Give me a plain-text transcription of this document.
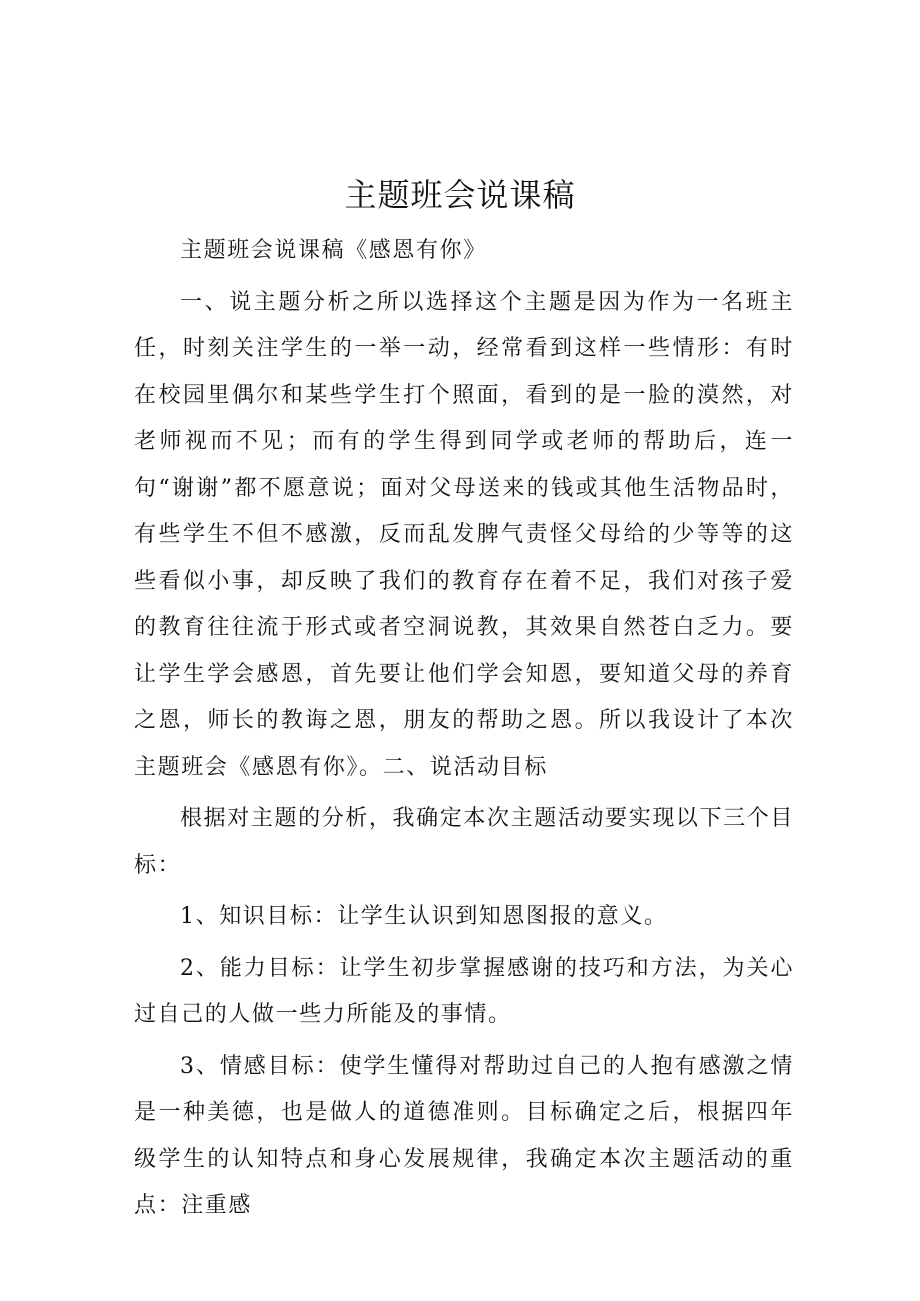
主题班会说课稿

主题班会说课稿《感恩有你》

一、说主题分析之所以选择这个主题是因为作为一名班主任，时刻关注学生的一举一动，经常看到这样一些情形：有时在校园里偶尔和某些学生打个照面，看到的是一脸的漠然，对老师视而不见；而有的学生得到同学或老师的帮助后，连一句“谢谢”都不愿意说；面对父母送来的钱或其他生活物品时，有些学生不但不感激，反而乱发脾气责怪父母给的少等等的这些看似小事，却反映了我们的教育存在着不足，我们对孩子爱的教育往往流于形式或者空洞说教，其效果自然苍白乏力。要让学生学会感恩，首先要让他们学会知恩，要知道父母的养育之恩，师长的教诲之恩，朋友的帮助之恩。所以我设计了本次主题班会《感恩有你》。二、说活动目标

根据对主题的分析，我确定本次主题活动要实现以下三个目标：

1、知识目标：让学生认识到知恩图报的意义。

2、能力目标：让学生初步掌握感谢的技巧和方法，为关心过自己的人做一些力所能及的事情。

3、情感目标：使学生懂得对帮助过自己的人抱有感激之情是一种美德，也是做人的道德准则。目标确定之后，根据四年级学生的认知特点和身心发展规律，我确定本次主题活动的重点：注重感
